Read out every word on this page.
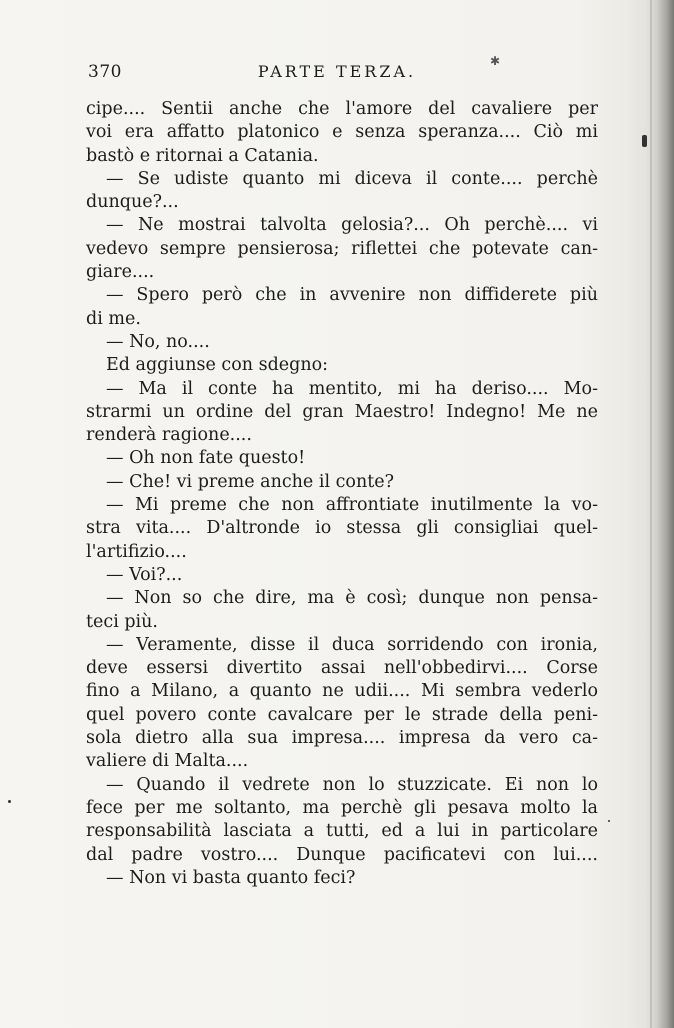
370	PARTE TERZA.
✱
cipe.... Sentii anche che l'amore del cavaliere per
voi era affatto platonico e senza speranza.... Ciò mi
bastò e ritornai a Catania.
— Se udiste quanto mi diceva il conte.... perchè
dunque?...
— Ne mostrai talvolta gelosia?... Oh perchè.... vi
vedevo sempre pensierosa; riflettei che potevate can-
giare....
— Spero però che in avvenire non diffiderete più
di me.
— No, no....
Ed aggiunse con sdegno:
— Ma il conte ha mentito, mi ha deriso.... Mo-
strarmi un ordine del gran Maestro! Indegno! Me ne
renderà ragione....
— Oh non fate questo!
— Che! vi preme anche il conte?
— Mi preme che non affrontiate inutilmente la vo-
stra vita.... D'altronde io stessa gli consigliai quel-
l'artifizio....
— Voi?...
— Non so che dire, ma è così; dunque non pensa-
teci più.
— Veramente, disse il duca sorridendo con ironia,
deve essersi divertito assai nell'obbedirvi.... Corse
fino a Milano, a quanto ne udii.... Mi sembra vederlo
quel povero conte cavalcare per le strade della peni-
sola dietro alla sua impresa.... impresa da vero ca-
valiere di Malta....
— Quando il vedrete non lo stuzzicate. Ei non lo
fece per me soltanto, ma perchè gli pesava molto la
responsabilità lasciata a tutti, ed a lui in particolare
dal padre vostro.... Dunque pacificatevi con lui....
— Non vi basta quanto feci?
